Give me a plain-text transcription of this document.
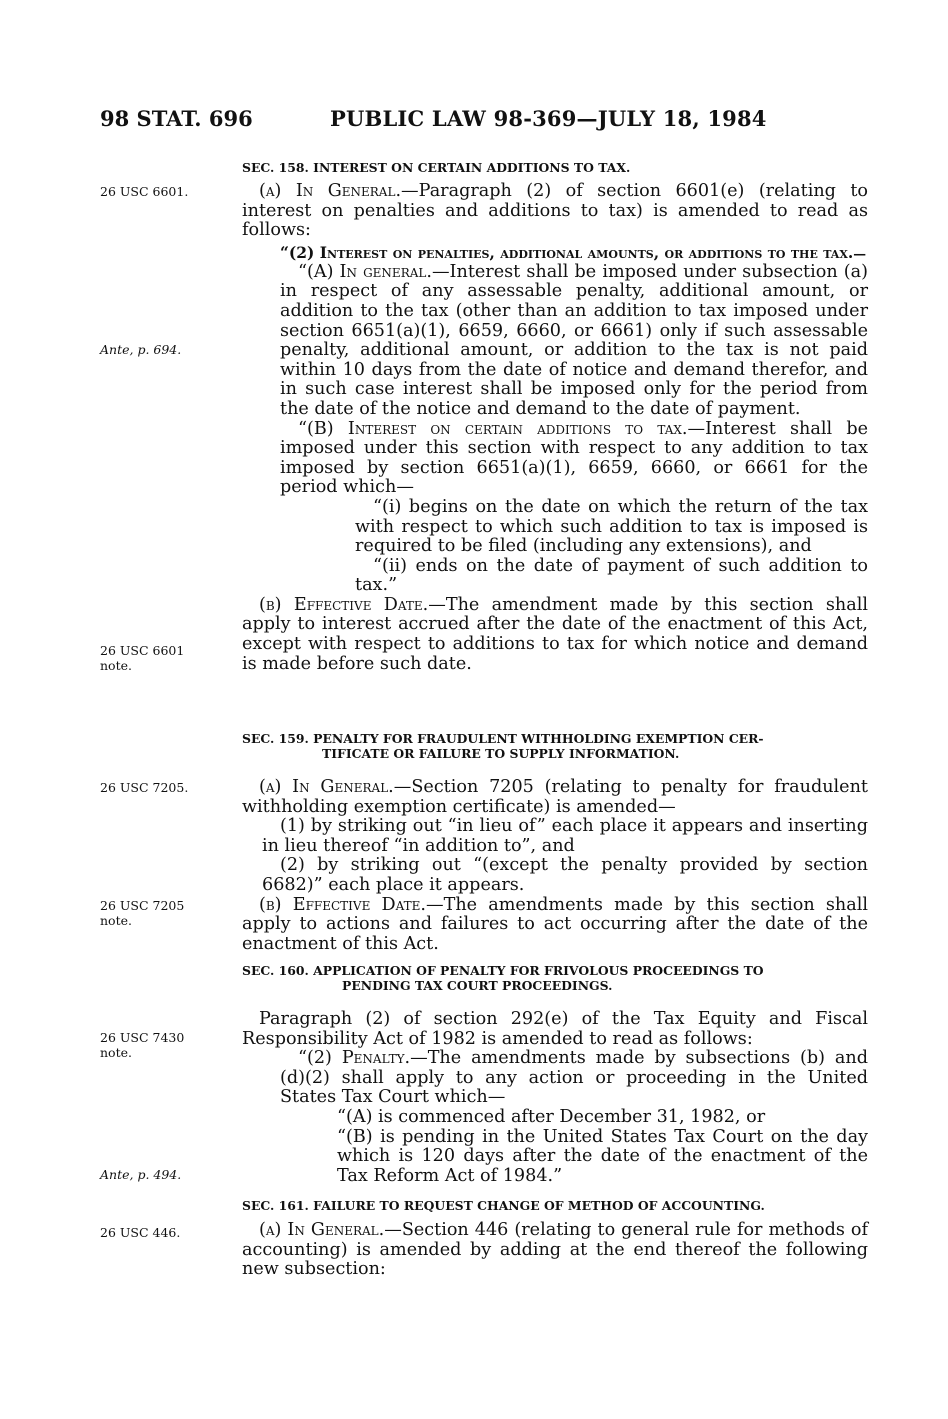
98 STAT. 696	PUBLIC LAW 98-369—JULY 18, 1984
26 USC 6601.
Ante, p. 694.
26 USC 6601
note.
26 USC 7205.
26 USC 7205
note.
26 USC 7430
note.
Ante, p. 494.
26 USC 446.
SEC. 158. INTEREST ON CERTAIN ADDITIONS TO TAX.

(a) In General.—Paragraph (2) of section 6601(e) (relating to interest on penalties and additions to tax) is amended to read as follows:

“(2) Interest on penalties, additional amounts, or additions to the tax.—

“(A) In general.—Interest shall be imposed under subsection (a) in respect of any assessable penalty, additional amount, or addition to the tax (other than an addition to tax imposed under section 6651(a)(1), 6659, 6660, or 6661) only if such assessable penalty, additional amount, or addition to the tax is not paid within 10 days from the date of notice and demand therefor, and in such case interest shall be imposed only for the period from the date of the notice and demand to the date of payment.

“(B) Interest on certain additions to tax.—Interest shall be imposed under this section with respect to any addition to tax imposed by section 6651(a)(1), 6659, 6660, or 6661 for the period which—

“(i) begins on the date on which the return of the tax with respect to which such addition to tax is imposed is required to be filed (including any extensions), and

“(ii) ends on the date of payment of such addition to tax.”

(b) Effective Date.—The amendment made by this section shall apply to interest accrued after the date of the enactment of this Act, except with respect to additions to tax for which notice and demand is made before such date.

SEC. 159. PENALTY FOR FRAUDULENT WITHHOLDING EXEMPTION CER-
TIFICATE OR FAILURE TO SUPPLY INFORMATION.

(a) In General.—Section 7205 (relating to penalty for fraudulent withholding exemption certificate) is amended—

(1) by striking out “in lieu of” each place it appears and inserting in lieu thereof “in addition to”, and

(2) by striking out “(except the penalty provided by section 6682)” each place it appears.

(b) Effective Date.—The amendments made by this section shall apply to actions and failures to act occurring after the date of the enactment of this Act.

SEC. 160. APPLICATION OF PENALTY FOR FRIVOLOUS PROCEEDINGS TO
PENDING TAX COURT PROCEEDINGS.

Paragraph (2) of section 292(e) of the Tax Equity and Fiscal Responsibility Act of 1982 is amended to read as follows:

“(2) Penalty.—The amendments made by subsections (b) and (d)(2) shall apply to any action or proceeding in the United States Tax Court which—

“(A) is commenced after December 31, 1982, or

“(B) is pending in the United States Tax Court on the day which is 120 days after the date of the enactment of the Tax Reform Act of 1984.”

SEC. 161. FAILURE TO REQUEST CHANGE OF METHOD OF ACCOUNTING.

(a) In General.—Section 446 (relating to general rule for methods of accounting) is amended by adding at the end thereof the following new subsection:
